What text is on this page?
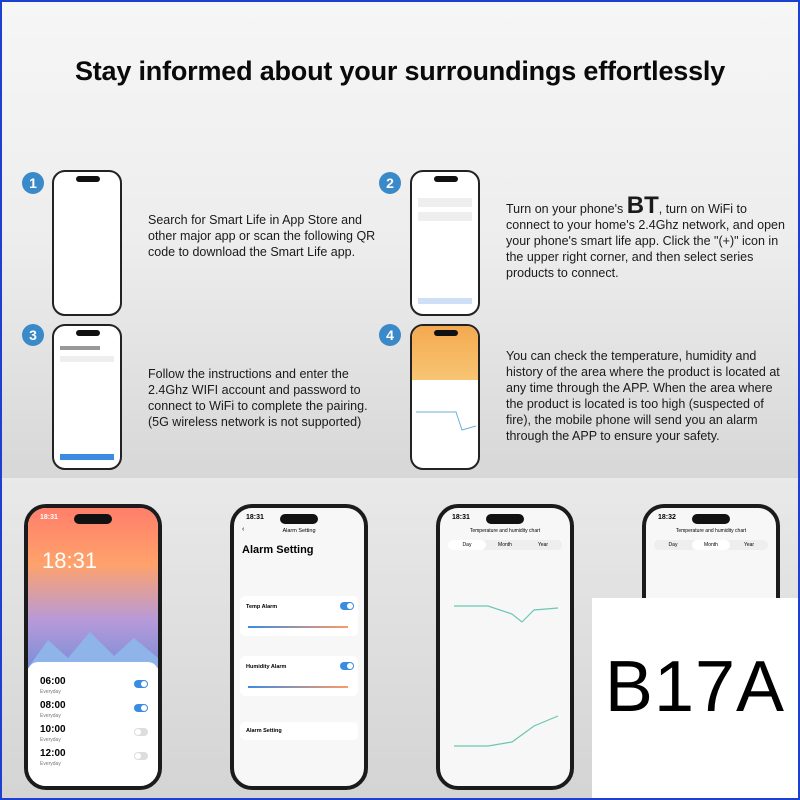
Stay informed about your surroundings effortlessly
1
Search for Smart Life in App Store and other major app or scan the following QR code to download the Smart Life app.
2
Turn on your phone's BT, turn on WiFi to connect to your home's 2.4Ghz network, and open your phone's smart life app. Click the "(+)" icon in the upper right corner, and then select series products to connect.
3
Follow the instructions and enter the 2.4Ghz WIFI account and password to connect to WiFi to complete the pairing. (5G wireless network is not supported)
4
You can check the temperature, humidity and history of the area where the product is located at any time through the APP. When the area where the product is located is too high (suspected of fire), the mobile phone will send you an alarm through the APP to ensure your safety.
18:31
18:31
06:00
Everyday
08:00
Everyday
10:00
Everyday
12:00
Everyday
18:31
‹	Alarm Setting
Alarm Setting
Temp Alarm
Humidity Alarm
Alarm Setting
18:31
Temperature and humidity chart
Day	Month	Year
18:32
Temperature and humidity chart
Day	Month	Year
B17A
